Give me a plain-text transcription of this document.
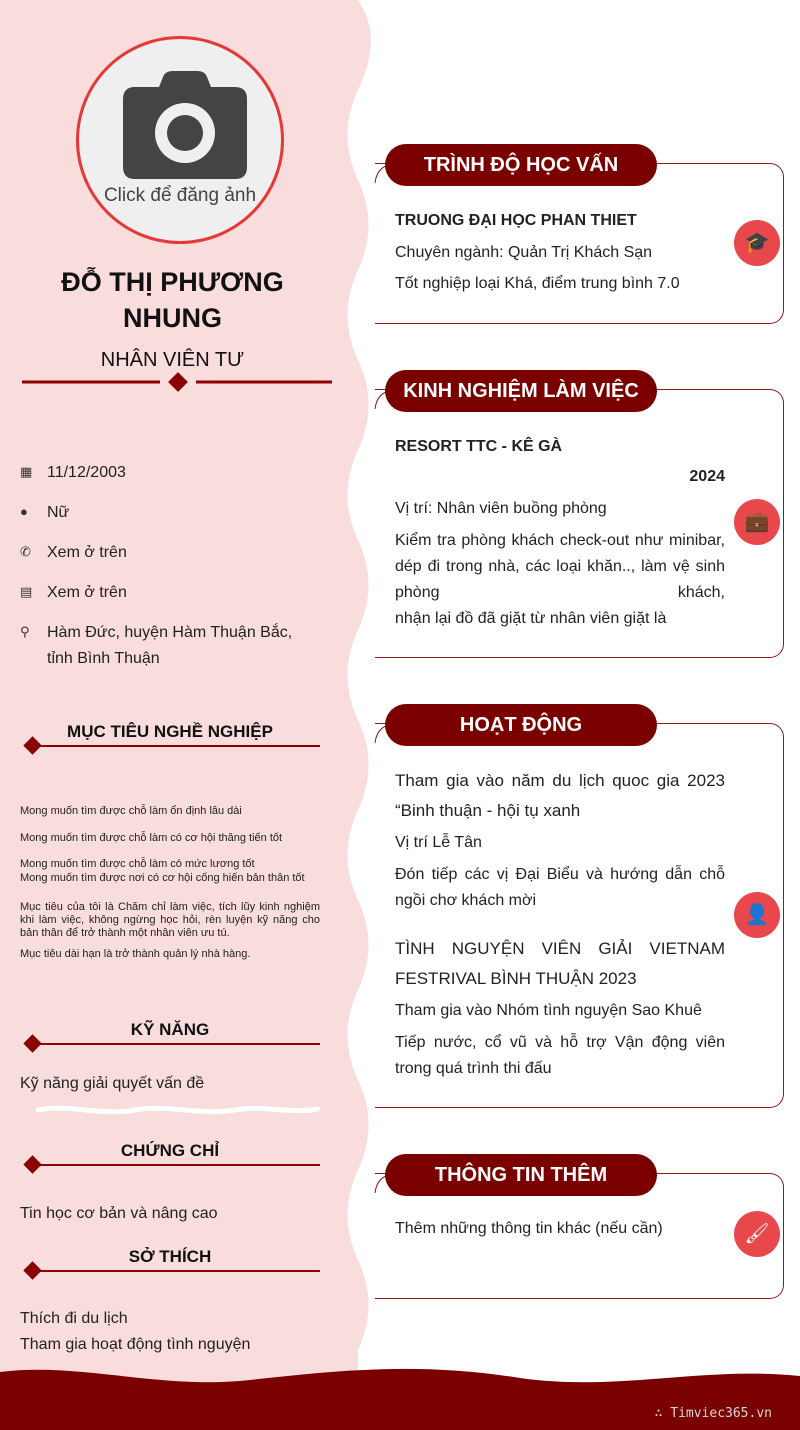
Click để đăng ảnh
ĐỖ THỊ PHƯƠNG
NHUNG
NHÂN VIÊN TƯ
▦ 11/12/2003
●	Nữ
✆	Xem ở trên
▤ Xem ở trên
⚲	Hàm Đức, huyện Hàm Thuận Bắc,
tỉnh Bình Thuận
MỤC TIÊU NGHỀ NGHIỆP
Mong muốn tìm được chỗ làm ổn định lâu dài
Mong muốn tìm được chỗ làm có cơ hội thăng tiến tốt
Mong muốn tìm được chỗ làm có mức lương tốt
Mong muốn tìm được nơi có cơ hội cống hiến bản thân tốt
Mục tiêu của tôi là Chăm chỉ làm việc, tích lũy kinh nghiệm khi làm việc, không ngừng học hỏi, rèn luyện kỹ năng cho bản thân để trở thành một nhân viên ưu tú.
Mục tiêu dài hạn là trở thành quản lý nhà hàng.
KỸ NĂNG
Kỹ năng giải quyết vấn đề
CHỨNG CHỈ
Tin học cơ bản và nâng cao
SỞ THÍCH
Thích đi du lịch
Tham gia hoạt động tình nguyện
TRÌNH ĐỘ HỌC VẤN
TRUONG ĐẠI HỌC PHAN THIET
Chuyên ngành: Quản Trị Khách Sạn
Tốt nghiệp loại Khá, điểm trung bình 7.0
🎓
KINH NGHIỆM LÀM VIỆC
RESORT TTC - KÊ GÀ
2024
Vị trí: Nhân viên buồng phòng
Kiểm tra phòng khách check-out như minibar,
dép đi trong nhà, các loại khăn.., làm vệ sinh
phòng	khách,
nhận lại đồ đã giặt từ nhân viên giặt là
💼
HOẠT ĐỘNG
Tham gia vào năm du lịch quoc gia 2023
“Binh thuận - hội tụ xanh
Vị trí Lễ Tân
Đón tiếp các vị Đại Biểu và hướng dẫn chỗ ngồi chơ khách mời
TÌNH NGUYỆN VIÊN GIẢI VIETNAM
FESTRIVAL BÌNH THUẬN 2023
Tham gia vào Nhóm tình nguyện Sao Khuê
Tiếp nước, cổ vũ và hỗ trợ Vận động viên trong quá trình thi đấu
👤
THÔNG TIN THÊM
Thêm những thông tin khác (nếu cần)	🖌
∴ Timviec365.vn
